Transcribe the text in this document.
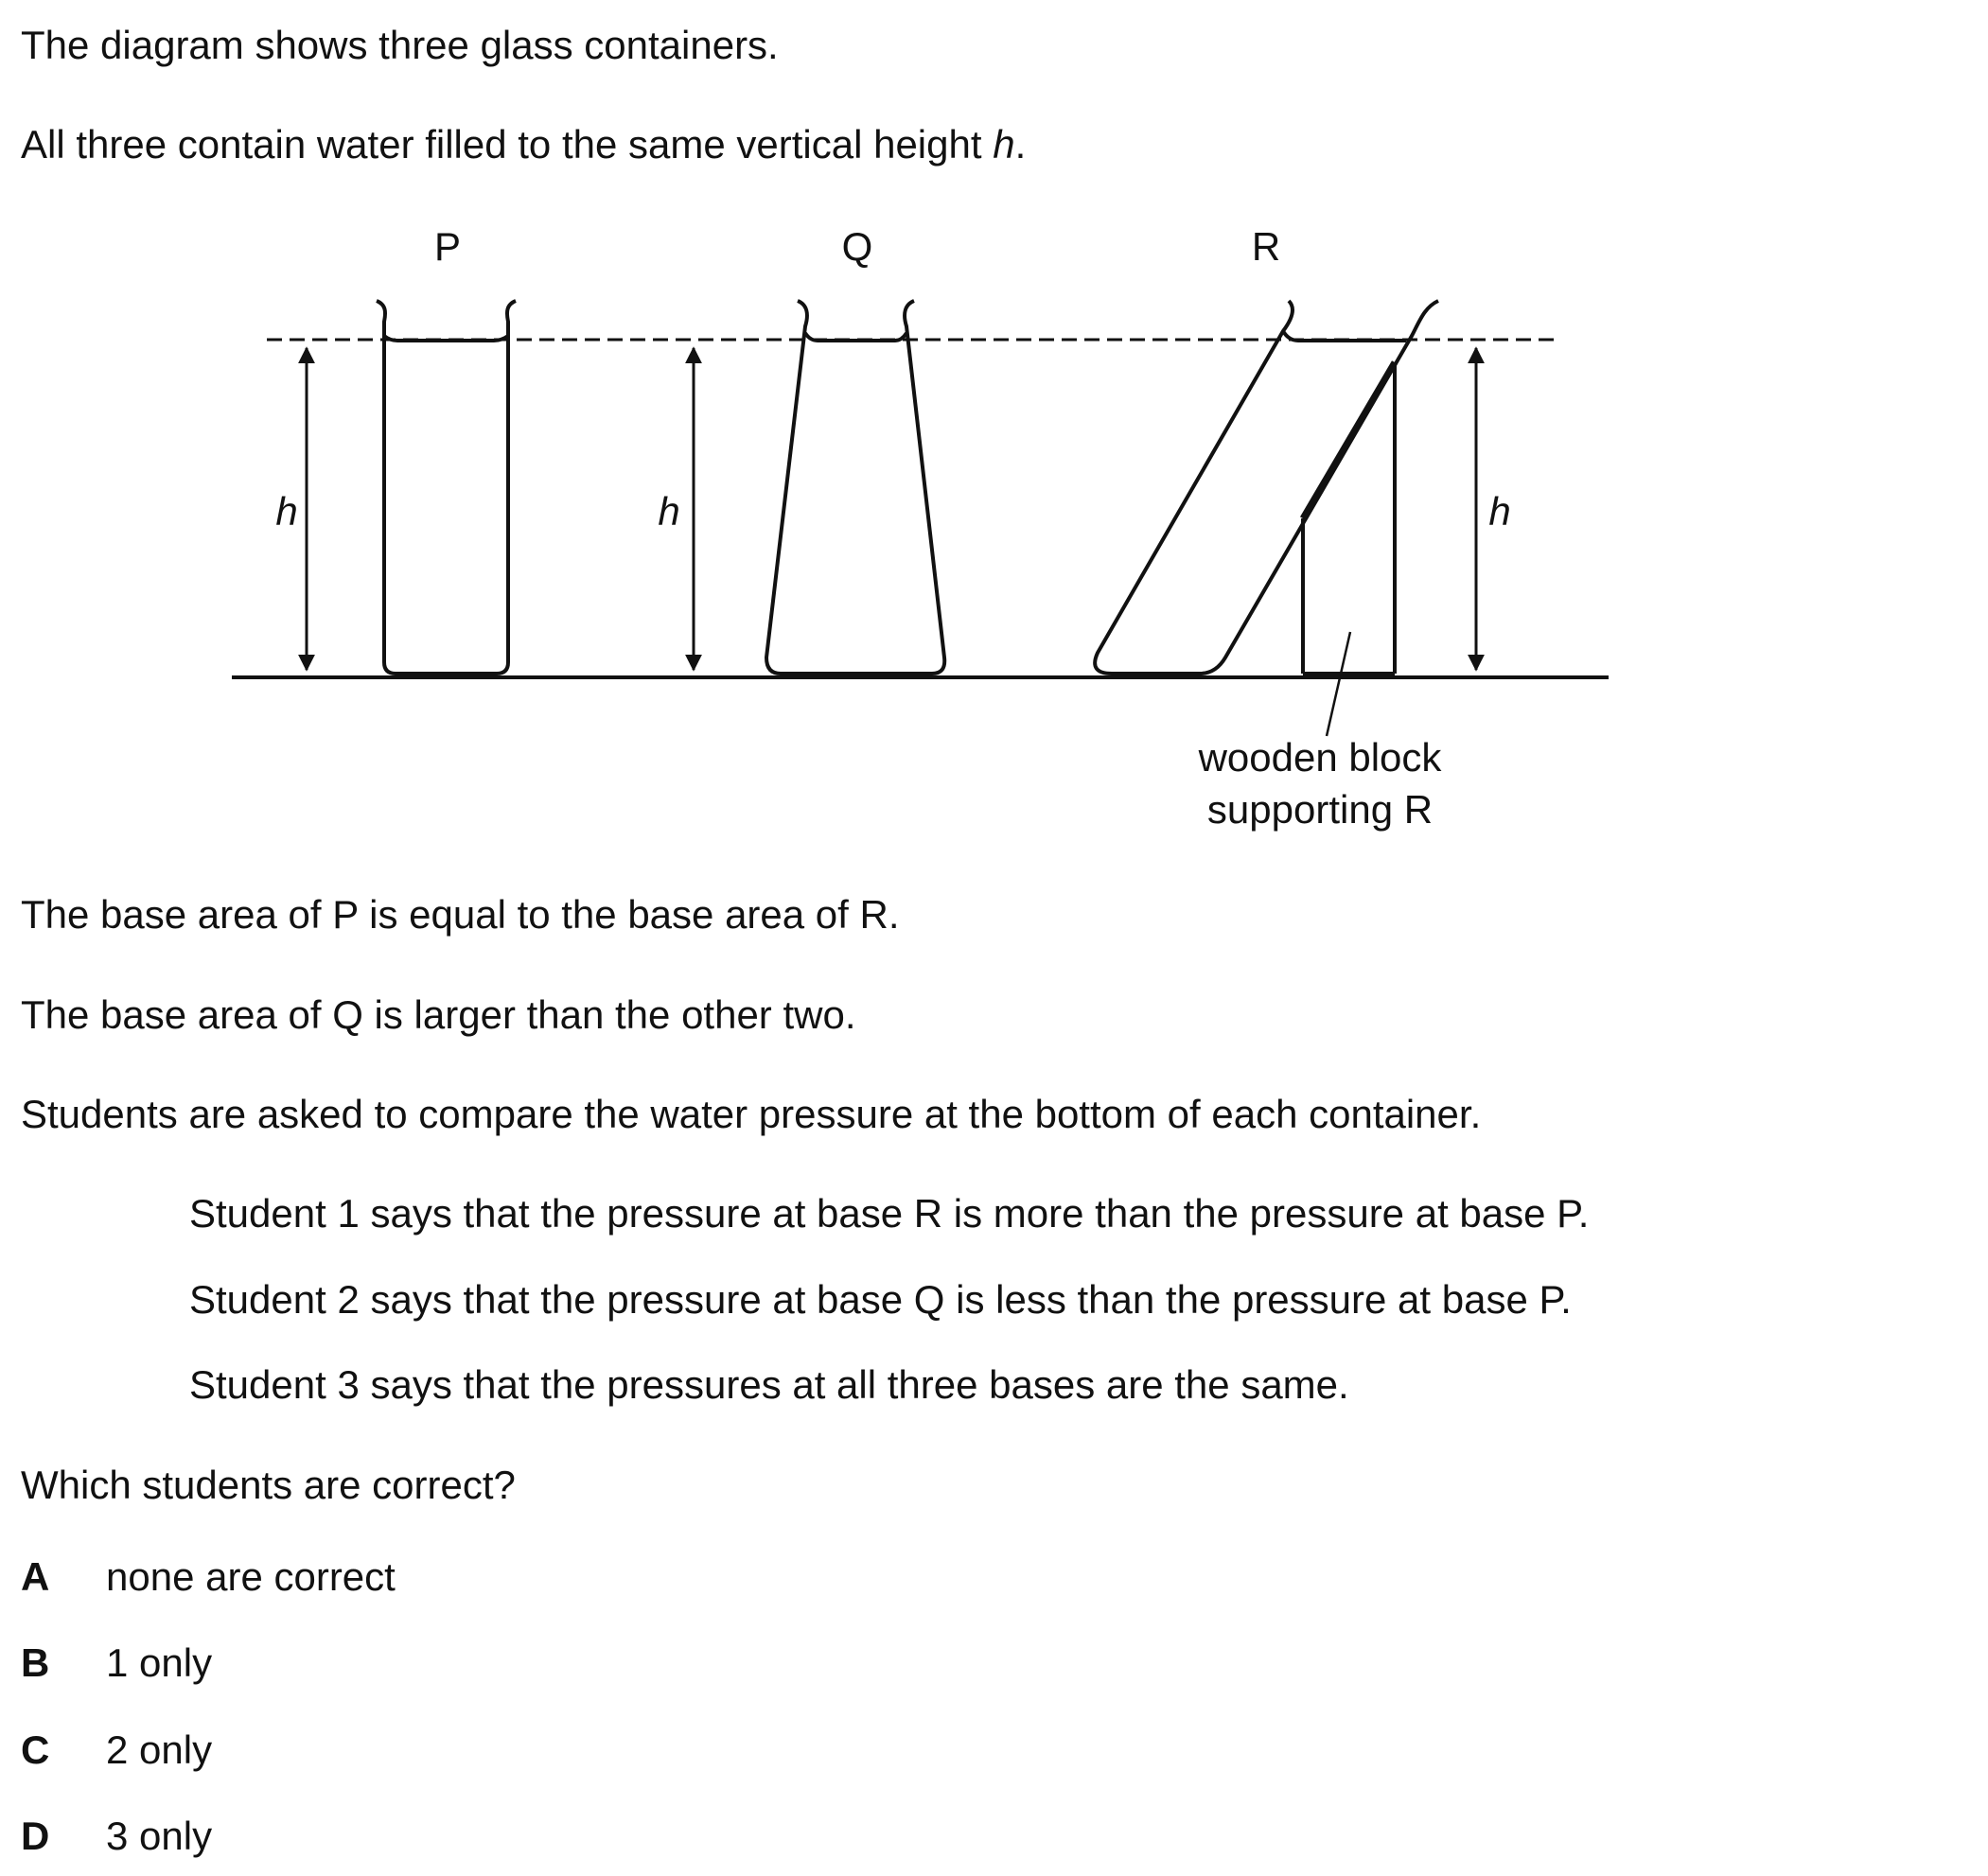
The diagram shows three glass containers.
All three contain water filled to the same vertical height h.
P	Q	R
h	h	h
wooden block
supporting R
The base area of P is equal to the base area of R.
The base area of Q is larger than the other two.
Students are asked to compare the water pressure at the bottom of each container.
Student 1 says that the pressure at base R is more than the pressure at base P.
Student 2 says that the pressure at base Q is less than the pressure at base P.
Student 3 says that the pressures at all three bases are the same.
Which students are correct?
A none are correct
B 1 only
C 2 only
D 3 only
